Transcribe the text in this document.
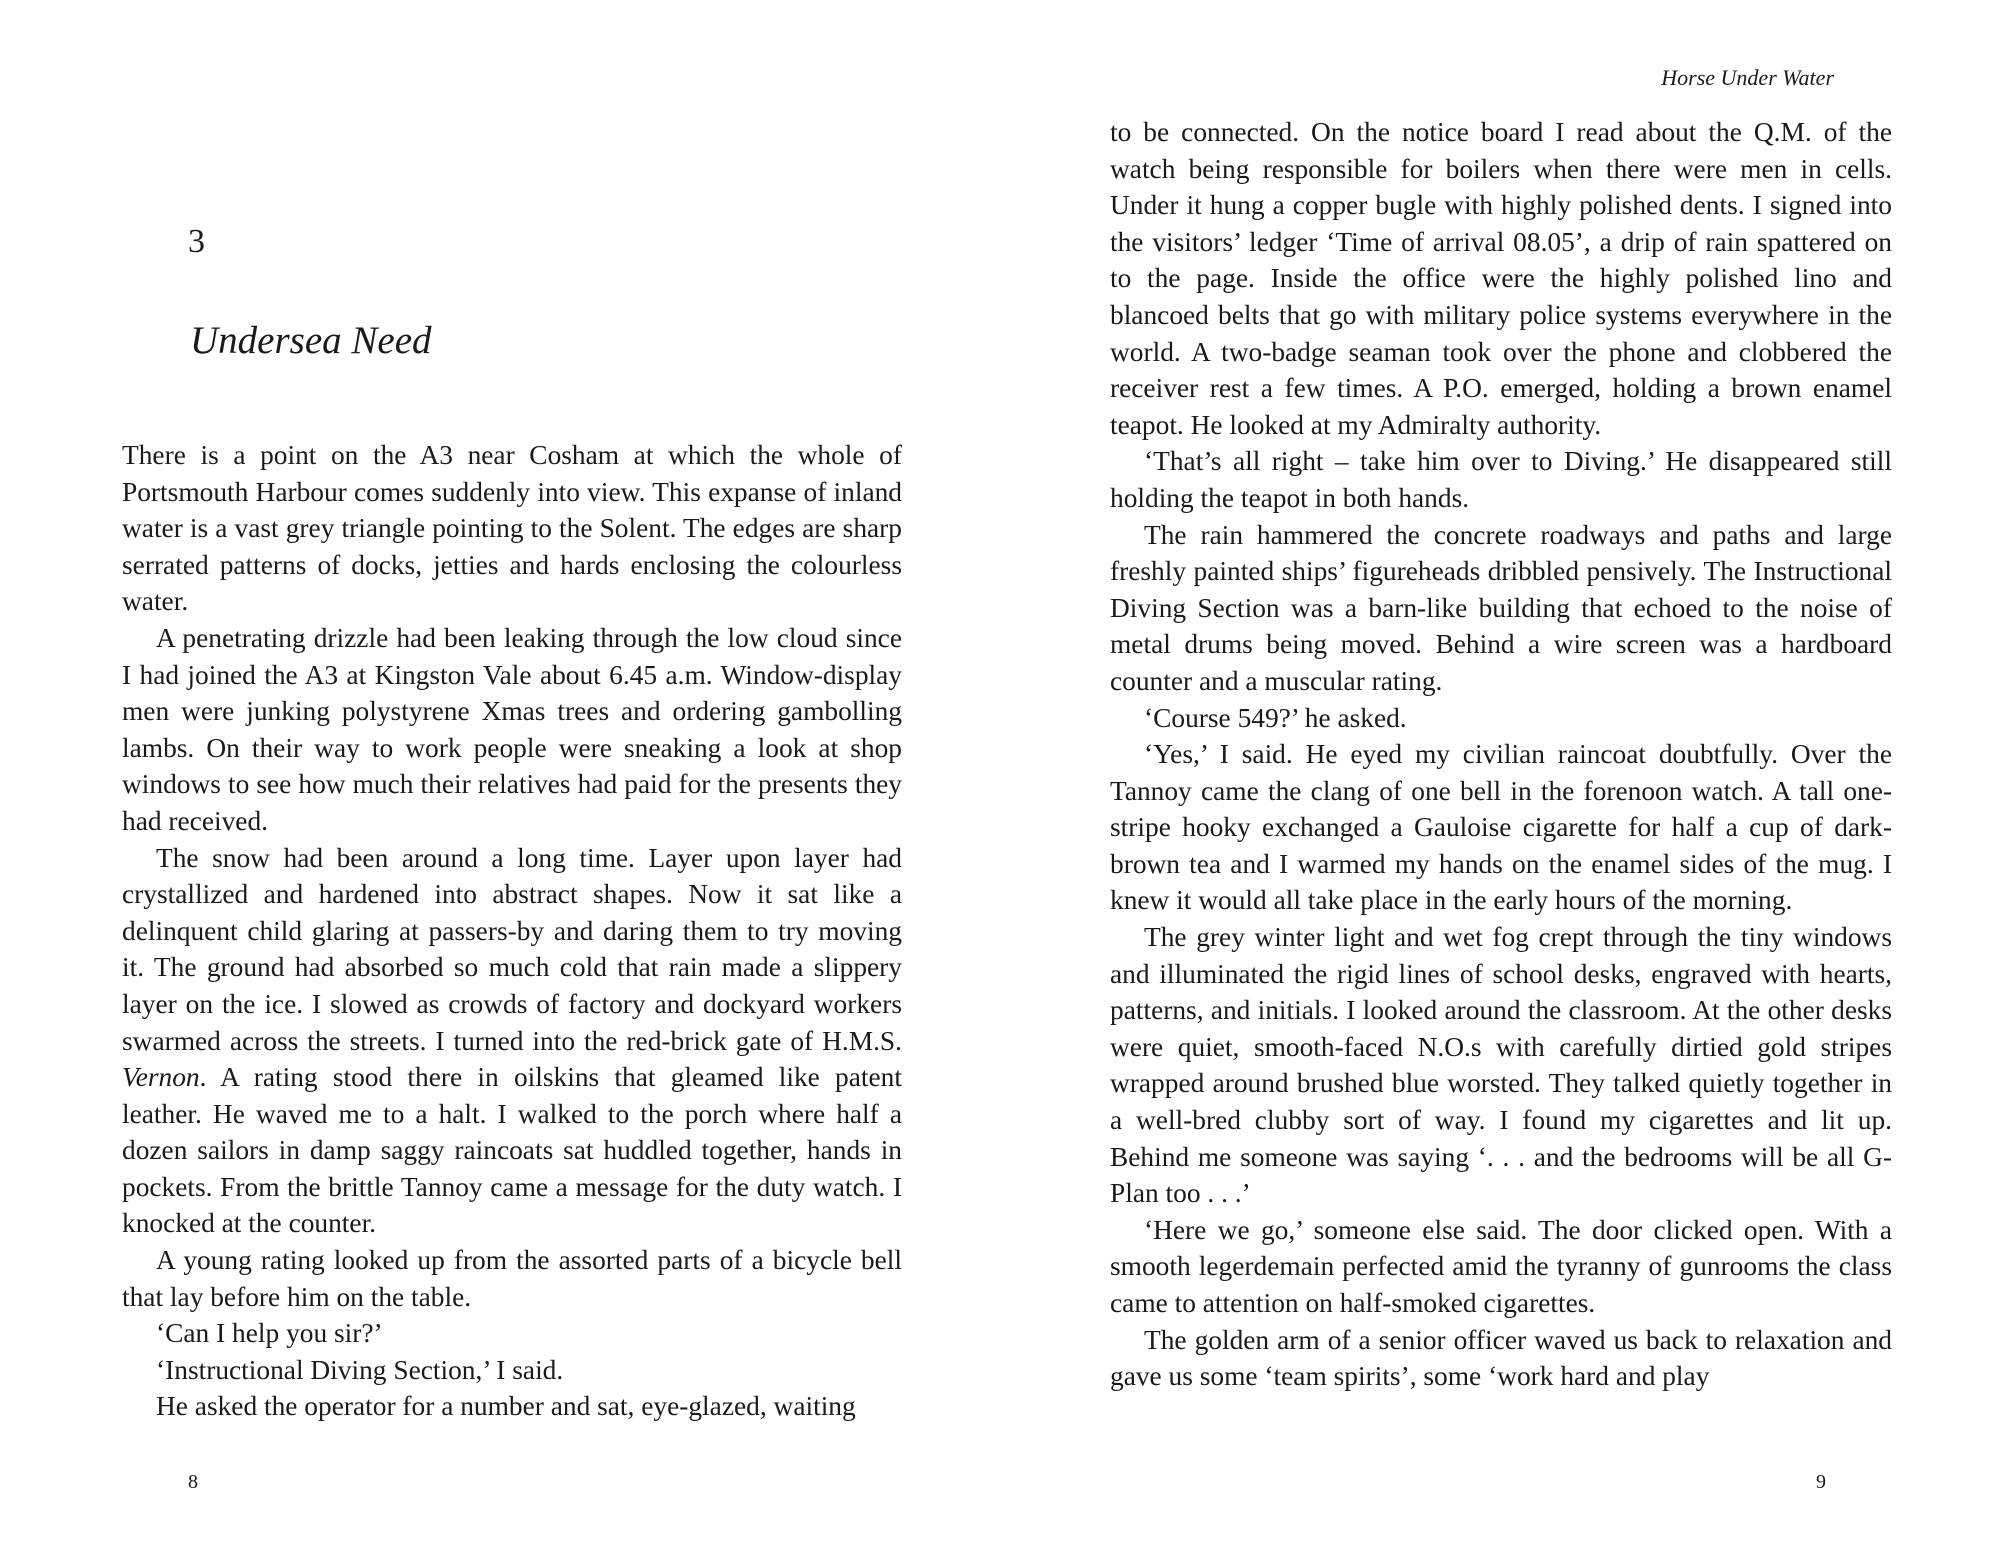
3
Undersea Need

There is a point on the A3 near Cosham at which the whole of Portsmouth Harbour comes suddenly into view. This expanse of inland water is a vast grey triangle pointing to the Solent. The edges are sharp serrated patterns of docks, jetties and hards enclosing the colourless water.

A penetrating drizzle had been leaking through the low cloud since I had joined the A3 at Kingston Vale about 6.45 a.m. Window-display men were junking polystyrene Xmas trees and ordering gambolling lambs. On their way to work people were sneaking a look at shop windows to see how much their relatives had paid for the presents they had received.

The snow had been around a long time. Layer upon layer had crystallized and hardened into abstract shapes. Now it sat like a delinquent child glaring at passers-by and daring them to try moving it. The ground had absorbed so much cold that rain made a slippery layer on the ice. I slowed as crowds of factory and dockyard workers swarmed across the streets. I turned into the red-brick gate of H.M.S. Vernon. A rating stood there in oilskins that gleamed like patent leather. He waved me to a halt. I walked to the porch where half a dozen sailors in damp saggy raincoats sat huddled together, hands in pockets. From the brittle Tannoy came a message for the duty watch. I knocked at the counter.

A young rating looked up from the assorted parts of a bicycle bell that lay before him on the table.

‘Can I help you sir?’

‘Instructional Diving Section,’ I said.

He asked the operator for a number and sat, eye-glazed, waiting

8
Horse Under Water

to be connected. On the notice board I read about the Q.M. of the watch being responsible for boilers when there were men in cells. Under it hung a copper bugle with highly polished dents. I signed into the visitors’ ledger ‘Time of arrival 08.05’, a drip of rain spattered on to the page. Inside the office were the highly polished lino and blancoed belts that go with military police systems everywhere in the world. A two-badge seaman took over the phone and clobbered the receiver rest a few times. A P.O. emerged, holding a brown enamel teapot. He looked at my Admiralty authority.

‘That’s all right – take him over to Diving.’ He disappeared still holding the teapot in both hands.

The rain hammered the concrete roadways and paths and large freshly painted ships’ figureheads dribbled pensively. The Instructional Diving Section was a barn-like building that echoed to the noise of metal drums being moved. Behind a wire screen was a hardboard counter and a muscular rating.

‘Course 549?’ he asked.

‘Yes,’ I said. He eyed my civilian raincoat doubtfully. Over the Tannoy came the clang of one bell in the forenoon watch. A tall one-stripe hooky exchanged a Gauloise cigarette for half a cup of dark-brown tea and I warmed my hands on the enamel sides of the mug. I knew it would all take place in the early hours of the morning.

The grey winter light and wet fog crept through the tiny windows and illuminated the rigid lines of school desks, engraved with hearts, patterns, and initials. I looked around the classroom. At the other desks were quiet, smooth-faced N.O.s with carefully dirtied gold stripes wrapped around brushed blue worsted. They talked quietly together in a well-bred clubby sort of way. I found my cigarettes and lit up. Behind me someone was saying ‘. . . and the bedrooms will be all G-Plan too . . .’

‘Here we go,’ someone else said. The door clicked open. With a smooth legerdemain perfected amid the tyranny of gunrooms the class came to attention on half-smoked cigarettes.

The golden arm of a senior officer waved us back to relaxation and gave us some ‘team spirits’, some ‘work hard and play

9
